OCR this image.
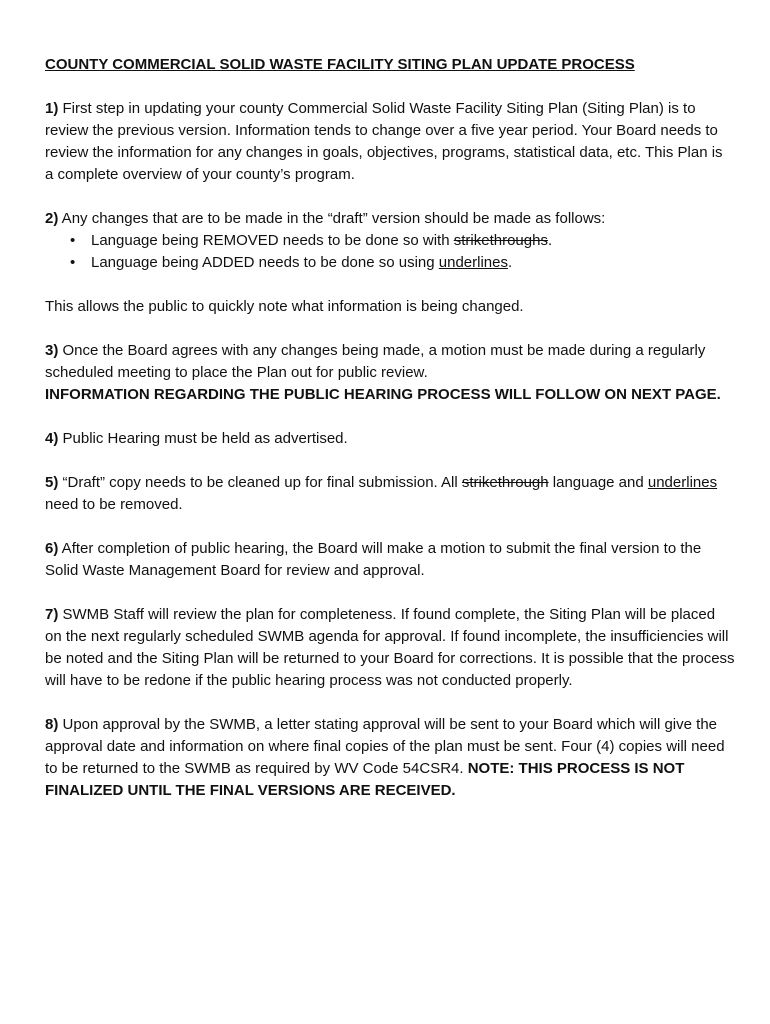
COUNTY COMMERCIAL SOLID WASTE FACILITY SITING PLAN UPDATE PROCESS

1) First step in updating your county Commercial Solid Waste Facility Siting Plan (Siting Plan) is to review the previous version. Information tends to change over a five year period. Your Board needs to review the information for any changes in goals, objectives, programs, statistical data, etc. This Plan is a complete overview of your county’s program.

2) Any changes that are to be made in the “draft” version should be made as follows:
• Language being REMOVED needs to be done so with strikethroughs.
• Language being ADDED needs to be done so using underlines.

This allows the public to quickly note what information is being changed.

3) Once the Board agrees with any changes being made, a motion must be made during a regularly scheduled meeting to place the Plan out for public review.
INFORMATION REGARDING THE PUBLIC HEARING PROCESS WILL FOLLOW ON NEXT PAGE.

4) Public Hearing must be held as advertised.

5) “Draft” copy needs to be cleaned up for final submission. All strikethrough language and underlines need to be removed.

6) After completion of public hearing, the Board will make a motion to submit the final version to the Solid Waste Management Board for review and approval.

7) SWMB Staff will review the plan for completeness. If found complete, the Siting Plan will be placed on the next regularly scheduled SWMB agenda for approval. If found incomplete, the insufficiencies will be noted and the Siting Plan will be returned to your Board for corrections. It is possible that the process will have to be redone if the public hearing process was not conducted properly.

8) Upon approval by the SWMB, a letter stating approval will be sent to your Board which will give the approval date and information on where final copies of the plan must be sent. Four (4) copies will need to be returned to the SWMB as required by WV Code 54CSR4. NOTE: THIS PROCESS IS NOT FINALIZED UNTIL THE FINAL VERSIONS ARE RECEIVED.
